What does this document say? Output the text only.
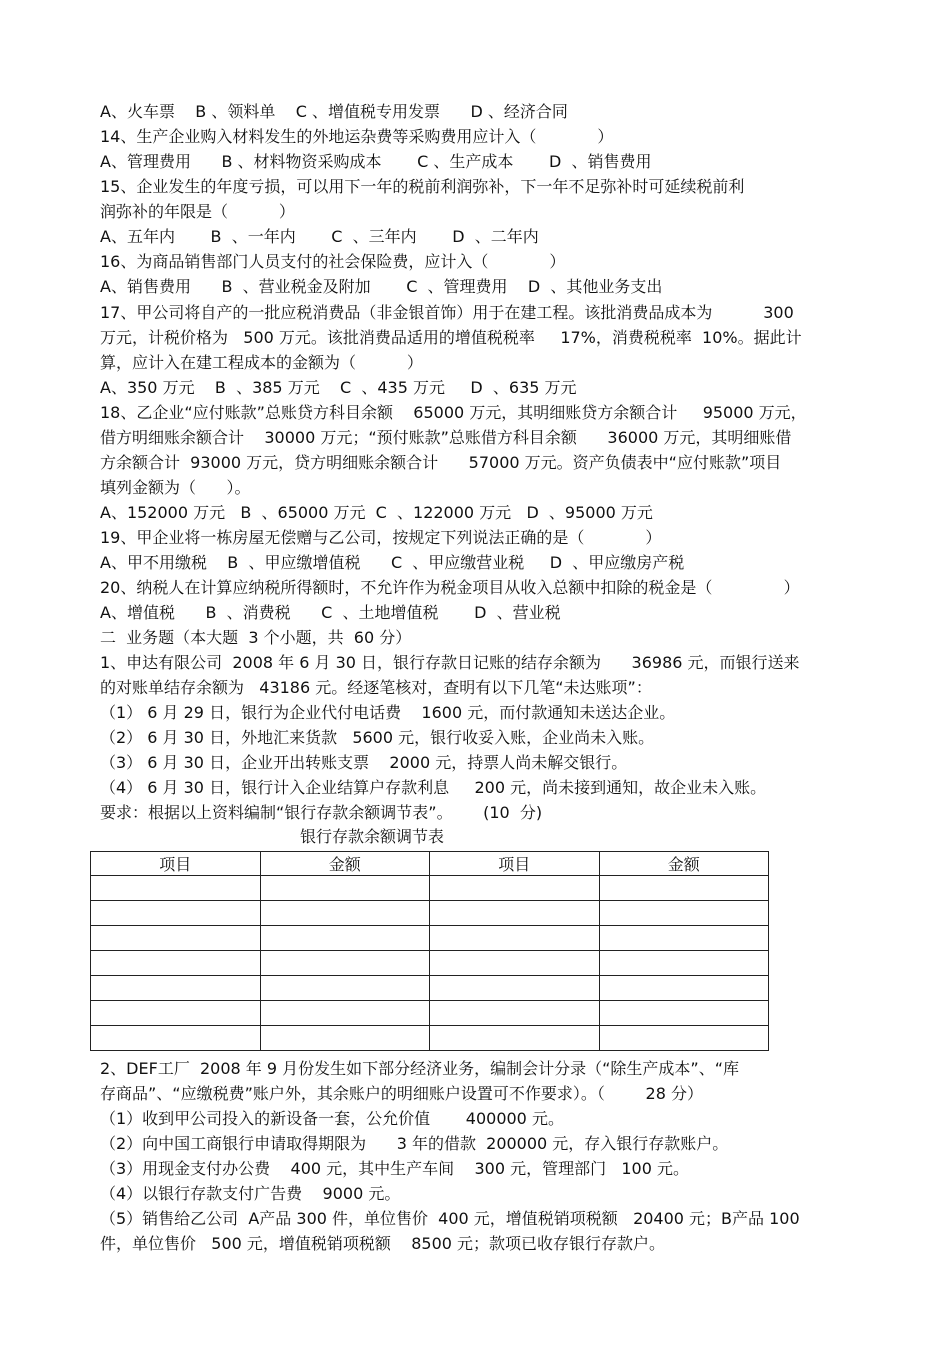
A、火车票    B 、领料单    C 、增值税专用发票      D 、经济合同
14、生产企业购入材料发生的外地运杂费等采购费用应计入（            ）
A、管理费用      B 、材料物资采购成本       C 、生产成本       D  、销售费用
15、企业发生的年度亏损，可以用下一年的税前利润弥补，下一年不足弥补时可延续税前利
润弥补的年限是（          ）
A、五年内       B  、一年内       C  、三年内       D  、二年内
16、为商品销售部门人员支付的社会保险费，应计入（            ）
A、销售费用      B  、营业税金及附加       C  、管理费用    D  、其他业务支出
17、甲公司将自产的一批应税消费品（非金银首饰）用于在建工程。该批消费品成本为          300
万元，计税价格为   500 万元。该批消费品适用的增值税税率     17%，消费税税率  10%。据此计
算，应计入在建工程成本的金额为（          ）
A、350 万元    B  、385 万元    C  、435 万元     D  、635 万元
18、乙企业“应付账款”总账贷方科目余额    65000 万元，其明细账贷方余额合计     95000 万元，
借方明细账余额合计    30000 万元；“预付账款”总账借方科目余额      36000 万元，其明细账借
方余额合计  93000 万元，贷方明细账余额合计      57000 万元。资产负债表中“应付账款”项目
填列金额为（      ）。
A、152000 万元   B  、65000 万元  C  、122000 万元   D  、95000 万元
19、甲企业将一栋房屋无偿赠与乙公司，按规定下列说法正确的是（            ）
A、甲不用缴税    B  、甲应缴增值税      C  、甲应缴营业税     D  、甲应缴房产税
20、纳税人在计算应纳税所得额时，不允许作为税金项目从收入总额中扣除的税金是（              ）
A、增值税      B  、消费税      C  、土地增值税       D  、营业税
二  业务题（本大题  3 个小题，共  60 分）
1、申达有限公司  2008 年 6 月 30 日，银行存款日记账的结存余额为      36986 元，而银行送来
的对账单结存余额为   43186 元。经逐笔核对，查明有以下几笔“未达账项”：
（1） 6 月 29 日，银行为企业代付电话费    1600 元，而付款通知未送达企业。
（2） 6 月 30 日，外地汇来货款   5600 元，银行收妥入账，企业尚未入账。
（3） 6 月 30 日，企业开出转账支票    2000 元，持票人尚未解交银行。
（4） 6 月 30 日，银行计入企业结算户存款利息     200 元，尚未接到通知，故企业未入账。
要求：根据以上资料编制“银行存款余额调节表”。      (10  分)
银行存款余额调节表
项目	金额	项目	金额

2、DEF工厂  2008 年 9 月份发生如下部分经济业务，编制会计分录（“除生产成本”、“库
存商品”、“应缴税费”账户外，其余账户的明细账户设置可不作要求）。（        28 分）
（1）收到甲公司投入的新设备一套，公允价值       400000 元。
（2）向中国工商银行申请取得期限为      3 年的借款  200000 元，存入银行存款账户。
（3）用现金支付办公费    400 元，其中生产车间    300 元，管理部门   100 元。
（4）以银行存款支付广告费    9000 元。
（5）销售给乙公司  A产品 300 件，单位售价  400 元，增值税销项税额   20400 元；B产品 100
件，单位售价   500 元，增值税销项税额    8500 元；款项已收存银行存款户。
